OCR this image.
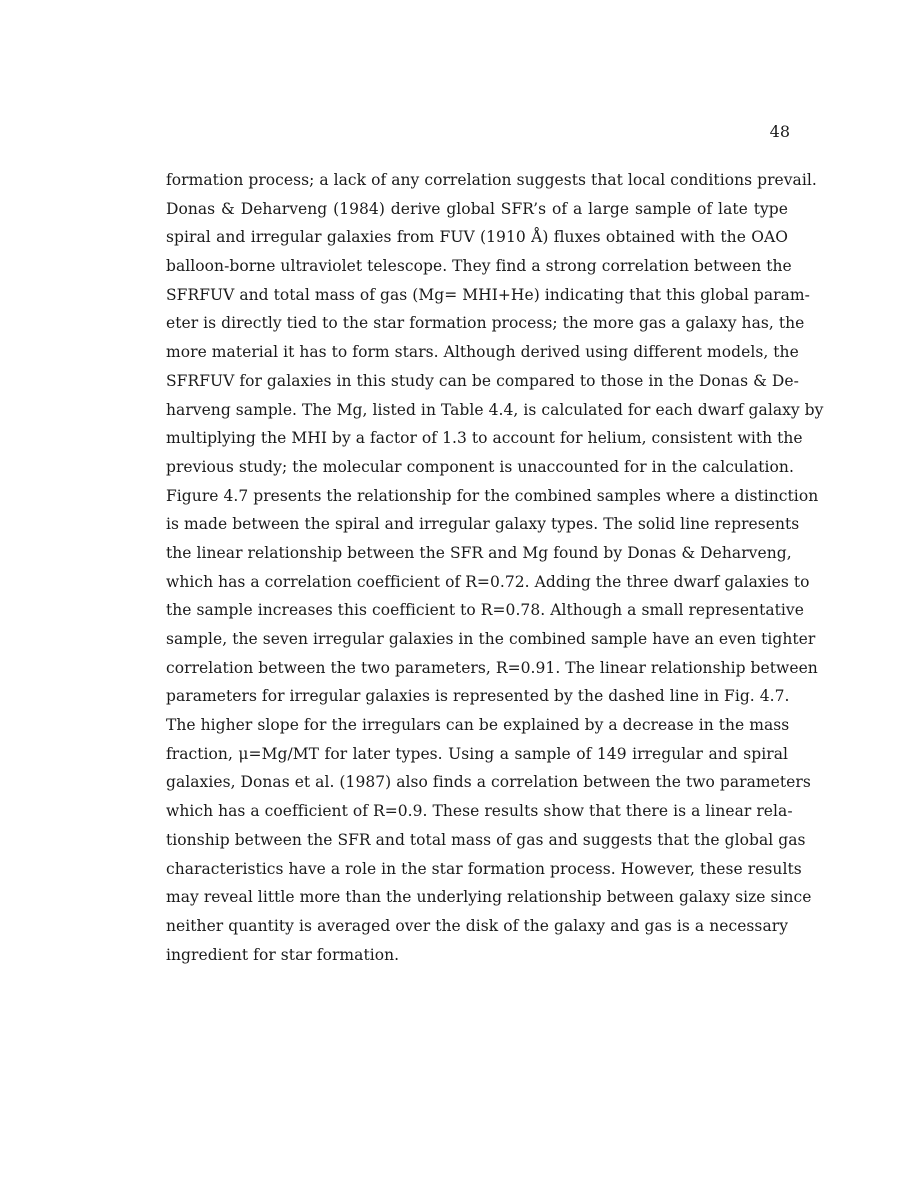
48
formation process; a lack of any correlation suggests that local conditions prevail.
Donas & Deharveng (1984) derive global SFR’s of a large sample of late type
spiral and irregular galaxies from FUV (1910 Å) fluxes obtained with the OAO
balloon-borne ultraviolet telescope. They find a strong correlation between the
SFRFUV and total mass of gas (Mg= MHI+He) indicating that this global param-
eter is directly tied to the star formation process; the more gas a galaxy has, the
more material it has to form stars. Although derived using different models, the
SFRFUV for galaxies in this study can be compared to those in the Donas & De-
harveng sample. The Mg, listed in Table 4.4, is calculated for each dwarf galaxy by
multiplying the MHI by a factor of 1.3 to account for helium, consistent with the
previous study; the molecular component is unaccounted for in the calculation.
Figure 4.7 presents the relationship for the combined samples where a distinction
is made between the spiral and irregular galaxy types. The solid line represents
the linear relationship between the SFR and Mg found by Donas & Deharveng,
which has a correlation coefficient of R=0.72. Adding the three dwarf galaxies to
the sample increases this coefficient to R=0.78. Although a small representative
sample, the seven irregular galaxies in the combined sample have an even tighter
correlation between the two parameters, R=0.91. The linear relationship between
parameters for irregular galaxies is represented by the dashed line in Fig. 4.7.
The higher slope for the irregulars can be explained by a decrease in the mass
fraction, μ=Mg/MT for later types. Using a sample of 149 irregular and spiral
galaxies, Donas et al. (1987) also finds a correlation between the two parameters
which has a coefficient of R=0.9. These results show that there is a linear rela-
tionship between the SFR and total mass of gas and suggests that the global gas
characteristics have a role in the star formation process. However, these results
may reveal little more than the underlying relationship between galaxy size since
neither quantity is averaged over the disk of the galaxy and gas is a necessary
ingredient for star formation.
